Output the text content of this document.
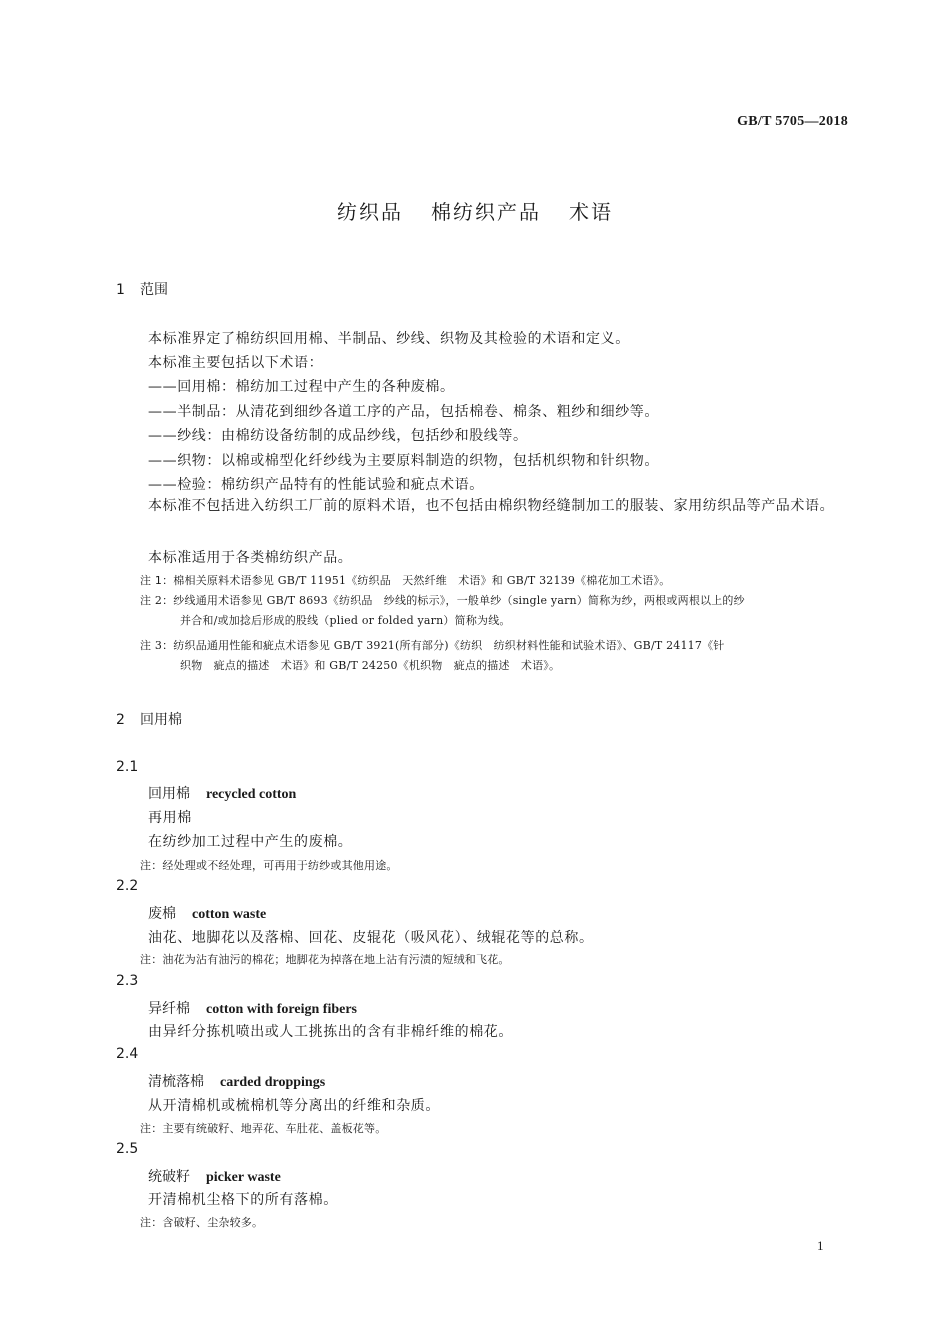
GB/T 5705—2018
纺织品 棉纺织产品 术语
1 范围
本标准界定了棉纺织回用棉、半制品、纱线、织物及其检验的术语和定义。
本标准主要包括以下术语：
——回用棉：棉纺加工过程中产生的各种废棉。
——半制品：从清花到细纱各道工序的产品，包括棉卷、棉条、粗纱和细纱等。
——纱线：由棉纺设备纺制的成品纱线，包括纱和股线等。
——织物：以棉或棉型化纤纱线为主要原料制造的织物，包括机织物和针织物。
——检验：棉纺织产品特有的性能试验和疵点术语。
本标准不包括进入纺织工厂前的原料术语，也不包括由棉织物经缝制加工的服装、家用纺织品等产品术语。
本标准适用于各类棉纺织产品。
注 1：棉相关原料术语参见 GB/T 11951《纺织品　天然纤维　术语》和 GB/T 32139《棉花加工术语》。
注 2：纱线通用术语参见 GB/T 8693《纺织品　纱线的标示》，一般单纱（single yarn）简称为纱，两根或两根以上的纱
并合和/或加捻后形成的股线（plied or folded yarn）简称为线。
注 3：纺织品通用性能和疵点术语参见 GB/T 3921(所有部分)《纺织　纺织材料性能和试验术语》、GB/T 24117《针
织物　疵点的描述　术语》和 GB/T 24250《机织物　疵点的描述　术语》。
2 回用棉
2.1
回用棉 recycled cotton
再用棉
在纺纱加工过程中产生的废棉。
注：经处理或不经处理，可再用于纺纱或其他用途。
2.2
废棉 cotton waste
油花、地脚花以及落棉、回花、皮辊花（吸风花）、绒辊花等的总称。
注：油花为沾有油污的棉花；地脚花为掉落在地上沾有污渍的短绒和飞花。
2.3
异纤棉 cotton with foreign fibers
由异纤分拣机喷出或人工挑拣出的含有非棉纤维的棉花。
2.4
清梳落棉 carded droppings
从开清棉机或梳棉机等分离出的纤维和杂质。
注：主要有统破籽、地弄花、车肚花、盖板花等。
2.5
统破籽 picker waste
开清棉机尘格下的所有落棉。
注：含破籽、尘杂较多。
1
